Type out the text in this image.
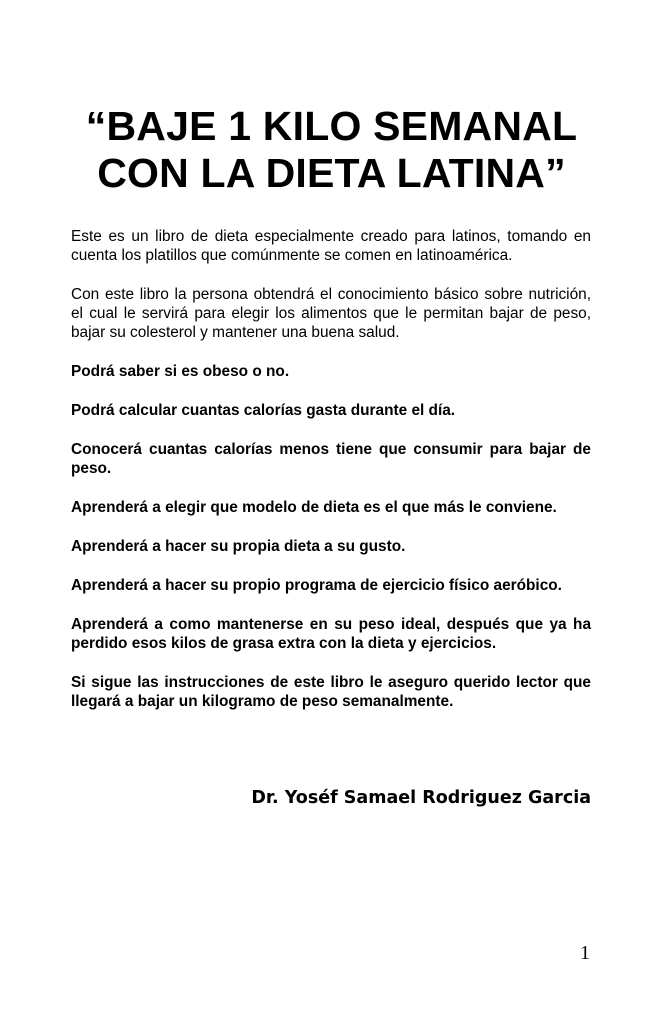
“BAJE 1 KILO SEMANAL
CON LA DIETA LATINA”

Este es un libro de dieta especialmente creado para latinos, tomando en cuenta los platillos que comúnmente se comen en latinoamérica.

Con este libro la persona obtendrá el conocimiento básico sobre nutrición, el cual le servirá para elegir los alimentos que le permitan bajar de peso, bajar su colesterol y mantener una buena salud.

Podrá saber si es obeso o no.

Podrá calcular cuantas calorías gasta durante el día.

Conocerá cuantas calorías menos tiene que consumir para bajar de peso.

Aprenderá a elegir que modelo de dieta es el que más le conviene.

Aprenderá a hacer su propia dieta a su gusto.

Aprenderá a hacer su propio programa de ejercicio físico aeróbico.

Aprenderá a como mantenerse en su peso ideal, después que ya ha perdido esos kilos de grasa extra con la dieta y ejercicios.

Si sigue las instrucciones de este libro le aseguro querido lector que llegará a bajar un kilogramo de peso semanalmente.

Dr. Yoséf Samael Rodriguez Garcia

1
